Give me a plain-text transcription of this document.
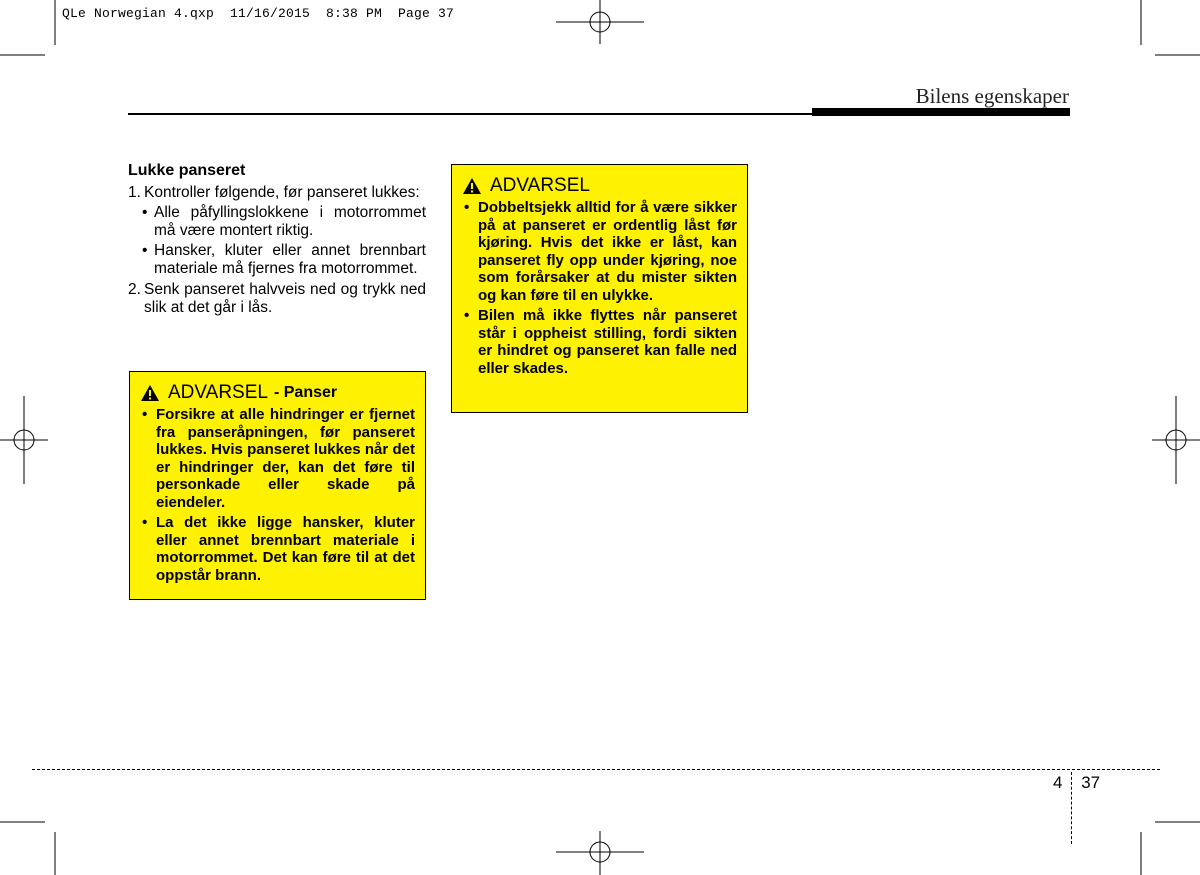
QLe Norwegian 4.qxp  11/16/2015  8:38 PM  Page 37
Bilens egenskaper
Lukke panseret
1. Kontroller følgende, før panseret lukkes:
• Alle påfyllingslokkene i motorrommet må være montert riktig.
• Hansker, kluter eller annet brennbart materiale må fjernes fra motorrommet.
2. Senk panseret halvveis ned og trykk ned slik at det går i lås.
ADVARSEL - Panser
• Forsikre at alle hindringer er fjernet fra panseråpningen, før panseret lukkes. Hvis panseret lukkes når det er hindringer der, kan det føre til personkade eller skade på eiendeler.
• La det ikke ligge hansker, kluter eller annet brennbart materiale i motorrommet. Det kan føre til at det oppstår brann.
ADVARSEL
• Dobbeltsjekk alltid for å være sikker på at panseret er ordentlig låst før kjøring. Hvis det ikke er låst, kan panseret fly opp under kjøring, noe som forårsaker at du mister sikten og kan føre til en ulykke.
• Bilen må ikke flyttes når panseret står i oppheist stilling, fordi sikten er hindret og panseret kan falle ned eller skades.
4 37
